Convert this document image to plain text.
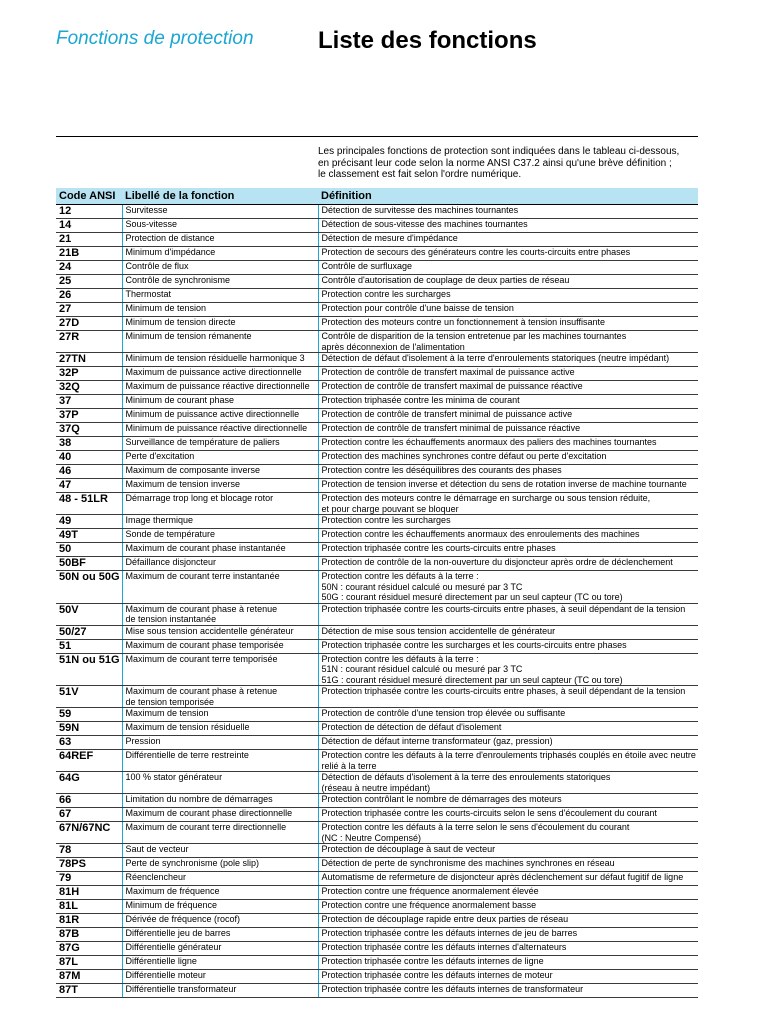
Fonctions de protection	Liste des fonctions
Les principales fonctions de protection sont indiquées dans le tableau ci-dessous,
en précisant leur code selon la norme ANSI C37.2 ainsi qu'une brève définition ;
le classement est fait selon l'ordre numérique.
Code ANSI	Libellé de la fonction	Définition
12	Survitesse	Détection de survitesse des machines tournantes

14	Sous-vitesse	Détection de sous-vitesse des machines tournantes

21	Protection de distance	Détection de mesure d'impédance

21B	Minimum d'impédance	Protection de secours des générateurs contre les courts-circuits entre phases

24	Contrôle de flux	Contrôle de surfluxage

25	Contrôle de synchronisme	Contrôle d'autorisation de couplage de deux parties de réseau

26	Thermostat	Protection contre les surcharges

27	Minimum de tension	Protection pour contrôle d'une baisse de tension

27D	Minimum de tension directe	Protection des moteurs contre un fonctionnement à tension insuffisante

27R	Minimum de tension rémanente	Contrôle de disparition de la tension entretenue par les machines tournantes
après déconnexion de l'alimentation

27TN	Minimum de tension résiduelle harmonique 3	Détection de défaut d'isolement à la terre d'enroulements statoriques (neutre impédant)

32P	Maximum de puissance active directionnelle	Protection de contrôle de transfert maximal de puissance active

32Q	Maximum de puissance réactive directionnelle	Protection de contrôle de transfert maximal de puissance réactive

37	Minimum de courant phase	Protection triphasée contre les minima de courant

37P	Minimum de puissance active directionnelle	Protection de contrôle de transfert minimal de puissance active

37Q	Minimum de puissance réactive directionnelle	Protection de contrôle de transfert minimal de puissance réactive

38	Surveillance de température de paliers	Protection contre les échauffements anormaux des paliers des machines tournantes

40	Perte d'excitation	Protection des machines synchrones contre défaut ou perte d'excitation

46	Maximum de composante inverse	Protection contre les déséquilibres des courants des phases

47	Maximum de tension inverse	Protection de tension inverse et détection du sens de rotation inverse de machine tournante

48 - 51LR	Démarrage trop long et blocage rotor	Protection des moteurs contre le démarrage en surcharge ou sous tension réduite,
et pour charge pouvant se bloquer

49	Image thermique	Protection contre les surcharges

49T	Sonde de température	Protection contre les échauffements anormaux des enroulements des machines

50	Maximum de courant phase instantanée	Protection triphasée contre les courts-circuits entre phases

50BF	Défaillance disjoncteur	Protection de contrôle de la non-ouverture du disjoncteur après ordre de déclenchement

50N ou 50G	Maximum de courant terre instantanée	Protection contre les défauts à la terre :
50N : courant résiduel calculé ou mesuré par 3 TC
50G : courant résiduel mesuré directement par un seul capteur (TC ou tore)

50V	Maximum de courant phase à retenue
de tension instantanée	Protection triphasée contre les courts-circuits entre phases, à seuil dépendant de la tension

50/27	Mise sous tension accidentelle générateur	Détection de mise sous tension accidentelle de générateur

51	Maximum de courant phase temporisée	Protection triphasée contre les surcharges et les courts-circuits entre phases

51N ou 51G	Maximum de courant terre temporisée	Protection contre les défauts à la terre :
51N : courant résiduel calculé ou mesuré par 3 TC
51G : courant résiduel mesuré directement par un seul capteur (TC ou tore)

51V	Maximum de courant phase à retenue
de tension temporisée	Protection triphasée contre les courts-circuits entre phases, à seuil dépendant de la tension

59	Maximum de tension	Protection de contrôle d'une tension trop élevée ou suffisante

59N	Maximum de tension résiduelle	Protection de détection de défaut d'isolement

63	Pression	Détection de défaut interne transformateur (gaz, pression)

64REF	Différentielle de terre restreinte	Protection contre les défauts à la terre d'enroulements triphasés couplés en étoile avec neutre
relié à la terre

64G	100 % stator générateur	Détection de défauts d'isolement à la terre des enroulements statoriques
(réseau à neutre impédant)

66	Limitation du nombre de démarrages	Protection contrôlant le nombre de démarrages des moteurs

67	Maximum de courant phase directionnelle	Protection triphasée contre les courts-circuits selon le sens d'écoulement du courant

67N/67NC	Maximum de courant terre directionnelle	Protection contre les défauts à la terre selon le sens d'écoulement du courant
(NC : Neutre Compensé)

78	Saut de vecteur	Protection de découplage à saut de vecteur

78PS	Perte de synchronisme (pole slip)	Détection de perte de synchronisme des machines synchrones en réseau

79	Réenclencheur	Automatisme de refermeture de disjoncteur après déclenchement sur défaut fugitif de ligne

81H	Maximum de fréquence	Protection contre une fréquence anormalement élevée

81L	Minimum de fréquence	Protection contre une fréquence anormalement basse

81R	Dérivée de fréquence (rocof)	Protection de découplage rapide entre deux parties de réseau

87B	Différentielle jeu de barres	Protection triphasée contre les défauts internes de jeu de barres

87G	Différentielle générateur	Protection triphasée contre les défauts internes d'alternateurs

87L	Différentielle ligne	Protection triphasée contre les défauts internes de ligne

87M	Différentielle moteur	Protection triphasée contre les défauts internes de moteur

87T	Différentielle transformateur	Protection triphasée contre les défauts internes de transformateur
